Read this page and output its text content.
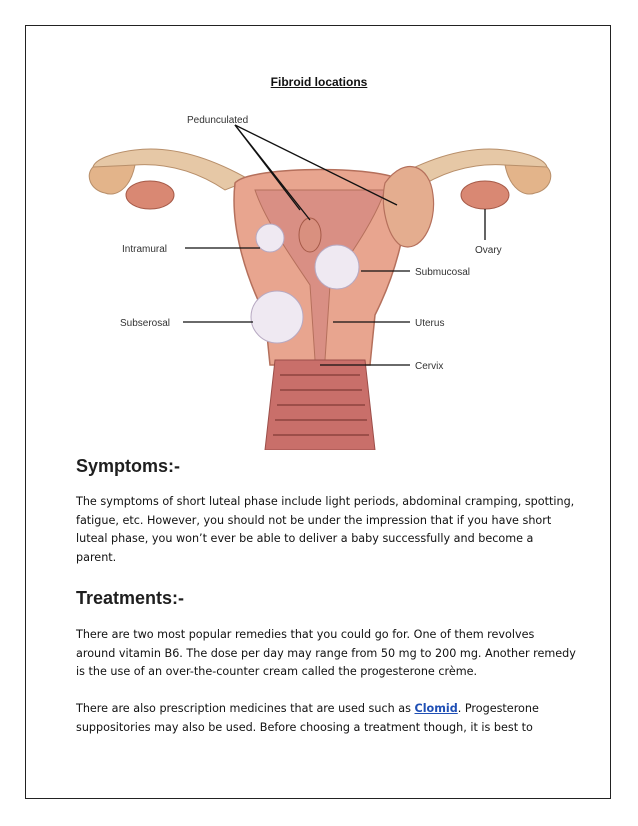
Fibroid locations
Pedunculated
Intramural
Subserosal
Submucosal
Uterus
Cervix
Ovary
Symptoms:-

The symptoms of short luteal phase include light periods, abdominal cramping, spotting, fatigue, etc. However, you should not be under the impression that if you have short luteal phase, you won’t ever be able to deliver a baby successfully and become a parent.

Treatments:-

There are two most popular remedies that you could go for. One of them revolves around vitamin B6. The dose per day may range from 50 mg to 200 mg. Another remedy is the use of an over-the-counter cream called the progesterone crème.

There are also prescription medicines that are used such as Clomid. Progesterone suppositories may also be used. Before choosing a treatment though, it is best to
